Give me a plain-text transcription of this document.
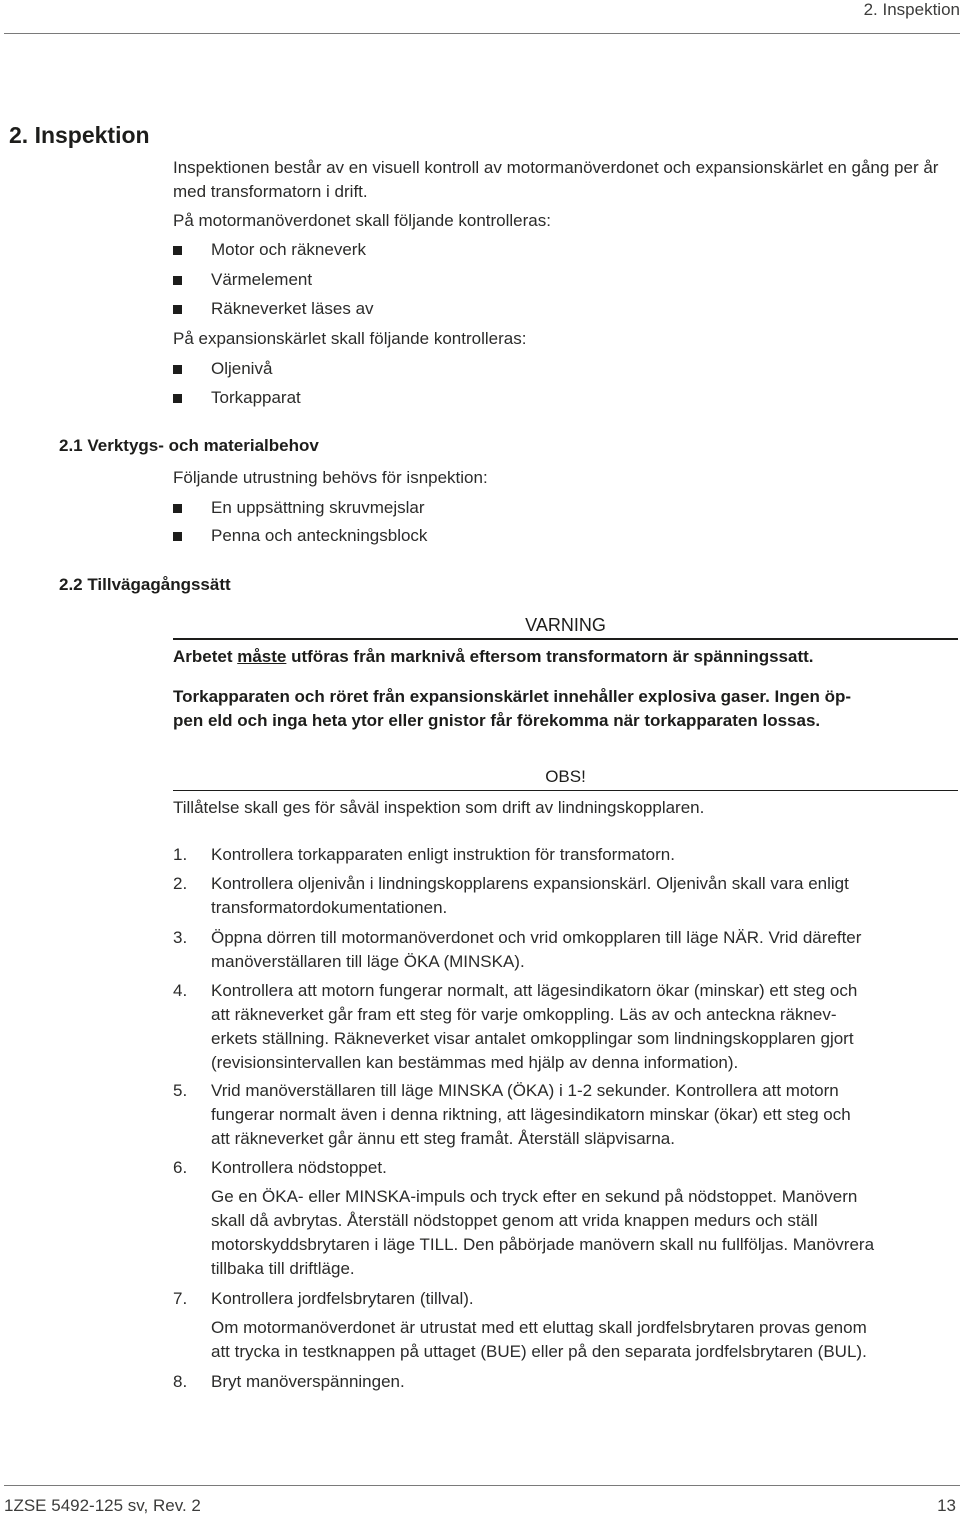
2. Inspektion
2. Inspektion
Inspektionen består av en visuell kontroll av motormanöverdonet och expansionskärlet en gång per år med transformatorn i drift.
På motormanöverdonet skall följande kontrolleras:
Motor och räkneverk
Värmelement
Räkneverket läses av
På expansionskärlet skall följande kontrolleras:
Oljenivå
Torkapparat
2.1 Verktygs- och materialbehov
Följande utrustning behövs för isnpektion:
En uppsättning skruvmejslar
Penna och anteckningsblock
2.2 Tillvägagångssätt
VARNING
Arbetet måste utföras från marknivå eftersom transformatorn är spänningssatt.
Torkapparaten och röret från expansionskärlet innehåller explosiva gaser. Ingen öp-
pen eld och inga heta ytor eller gnistor får förekomma när torkapparaten lossas.
OBS!
Tillåtelse skall ges för såväl inspektion som drift av lindningskopplaren.
1. Kontrollera torkapparaten enligt instruktion för transformatorn.
2. Kontrollera oljenivån i lindningskopplarens expansionskärl. Oljenivån skall vara enligt
transformatordokumentationen.
3. Öppna dörren till motormanöverdonet och vrid omkopplaren till läge NÄR. Vrid därefter
manöverställaren till läge ÖKA (MINSKA).
4. Kontrollera att motorn fungerar normalt, att lägesindikatorn ökar (minskar) ett steg och
att räkneverket går fram ett steg för varje omkoppling. Läs av och anteckna räknev-
erkets ställning. Räkneverket visar antalet omkopplingar som lindningskopplaren gjort
(revisionsintervallen kan bestämmas med hjälp av denna information).
5. Vrid manöverställaren till läge MINSKA (ÖKA) i 1-2 sekunder. Kontrollera att motorn
fungerar normalt även i denna riktning, att lägesindikatorn minskar (ökar) ett steg och
att räkneverket går ännu ett steg framåt. Återställ släpvisarna.
6. Kontrollera nödstoppet.
Ge en ÖKA- eller MINSKA-impuls och tryck efter en sekund på nödstoppet. Manövern
skall då avbrytas. Återställ nödstoppet genom att vrida knappen medurs och ställ
motorskyddsbrytaren i läge TILL. Den påbörjade manövern skall nu fullföljas. Manövrera
tillbaka till driftläge.
7. Kontrollera jordfelsbrytaren (tillval).
Om motormanöverdonet är utrustat med ett eluttag skall jordfelsbrytaren provas genom
att trycka in testknappen på uttaget (BUE) eller på den separata jordfelsbrytaren (BUL).
8. Bryt manöverspänningen.
1ZSE 5492-125 sv, Rev. 2	13
